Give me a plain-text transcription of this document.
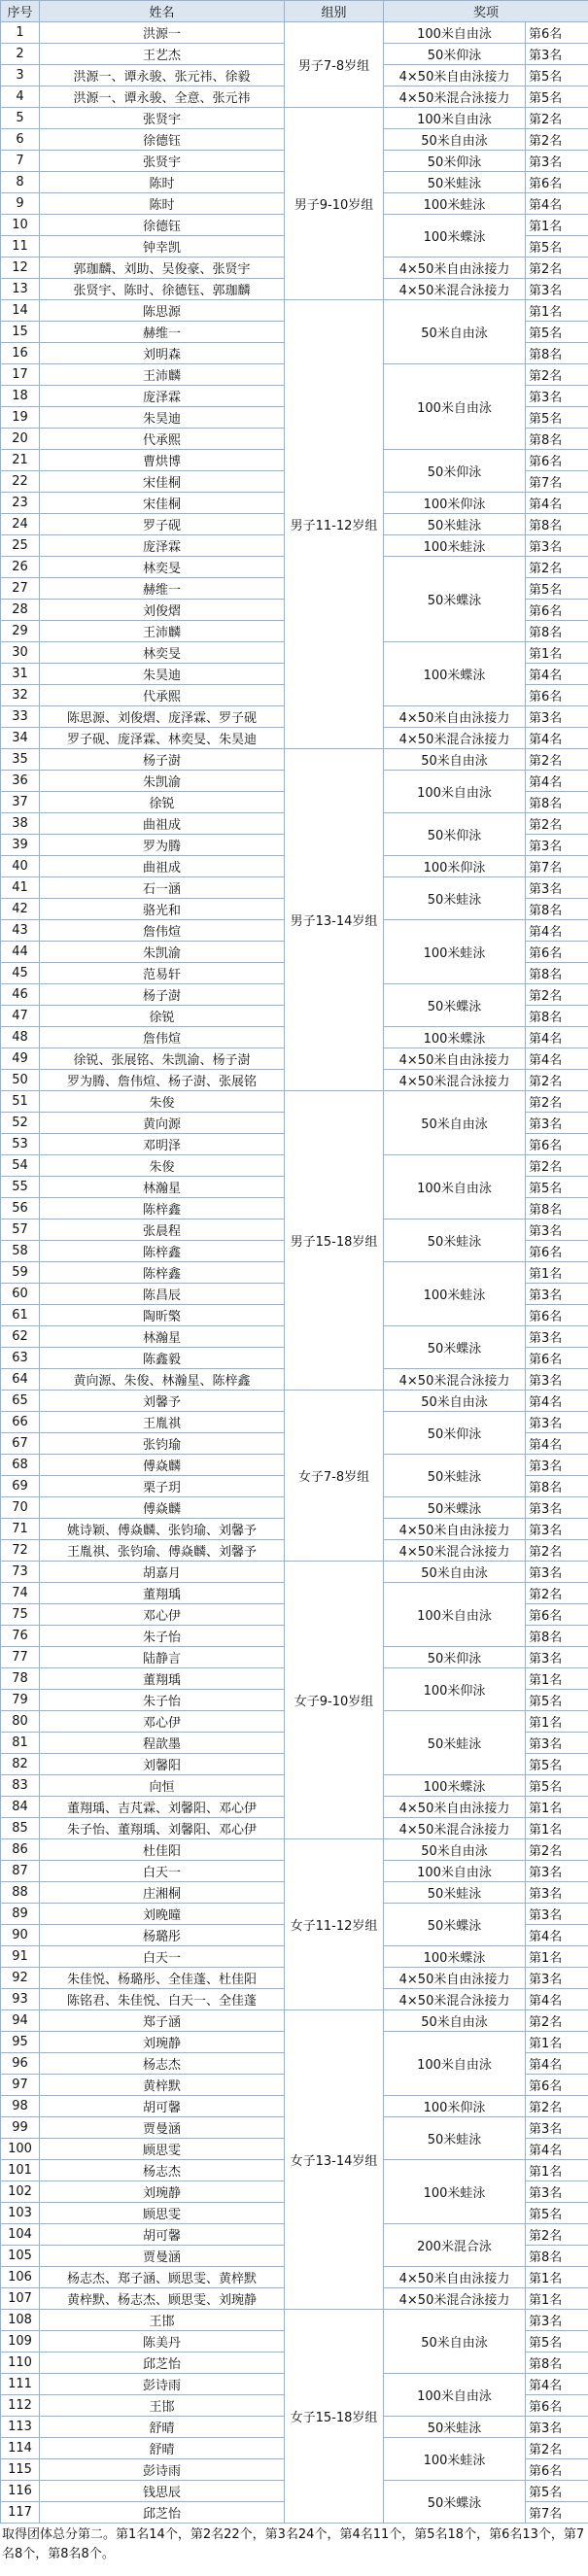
序号	姓名	组别	奖项	
1	洪源一	男子7-8岁组	100米自由泳	第6名
2	王艺杰		50米仰泳	第3名
3	洪源一、谭永骏、张元祎、徐毅		4×50米自由泳接力	第5名
4	洪源一、谭永骏、全意、张元祎		4×50米混合泳接力	第5名
5	张贤宇	男子9-10岁组	100米自由泳	第2名
6	徐德钰		50米自由泳	第2名
7	张贤宇		50米仰泳	第3名
8	陈时		50米蛙泳	第6名
9	陈时		100米蛙泳	第4名
10	徐德钰		100米蝶泳	第1名
11	钟幸凯			第5名
12	郭珈麟、刘助、吴俊豪、张贤宇		4×50米自由泳接力	第2名
13	张贤宇、陈时、徐德钰、郭珈麟		4×50米混合泳接力	第3名
14	陈思源	男子11-12岁组	50米自由泳	第1名
15	赫维一			第5名
16	刘明森			第8名
17	王沛麟		100米自由泳	第2名
18	庞泽霖			第3名
19	朱昊迪			第5名
20	代承熙			第8名
21	曹烘博		50米仰泳	第6名
22	宋佳桐			第7名
23	宋佳桐		100米仰泳	第4名
24	罗子砚		50米蛙泳	第8名
25	庞泽霖		100米蛙泳	第3名
26	林奕旻		50米蝶泳	第2名
27	赫维一			第5名
28	刘俊熠			第6名
29	王沛麟			第8名
30	林奕旻		100米蝶泳	第1名
31	朱昊迪			第4名
32	代承熙			第6名
33	陈思源、刘俊熠、庞泽霖、罗子砚		4×50米自由泳接力	第3名
34	罗子砚、庞泽霖、林奕旻、朱昊迪		4×50米混合泳接力	第4名
35	杨子澍	男子13-14岁组	50米自由泳	第2名
36	朱凯渝		100米自由泳	第4名
37	徐锐			第8名
38	曲祖成		50米仰泳	第2名
39	罗为腾			第3名
40	曲祖成		100米仰泳	第7名
41	石一涵		50米蛙泳	第3名
42	骆光和			第8名
43	詹伟煊		100米蛙泳	第4名
44	朱凯渝			第6名
45	范易轩			第8名
46	杨子澍		50米蝶泳	第2名
47	徐锐			第8名
48	詹伟煊		100米蝶泳	第4名
49	徐锐、张展铭、朱凯渝、杨子澍		4×50米自由泳接力	第4名
50	罗为腾、詹伟煊、杨子澍、张展铭		4×50米混合泳接力	第2名
51	朱俊	男子15-18岁组	50米自由泳	第2名
52	黄向源			第3名
53	邓明泽			第6名
54	朱俊		100米自由泳	第2名
55	林瀚星			第5名
56	陈梓鑫			第8名
57	张晨程		50米蛙泳	第3名
58	陈梓鑫			第6名
59	陈梓鑫		100米蛙泳	第1名
60	陈昌辰			第3名
61	陶昕檠			第6名
62	林瀚星		50米蝶泳	第3名
63	陈鑫毅			第6名
64	黄向源、朱俊、林瀚星、陈梓鑫		4×50米混合泳接力	第3名
65	刘馨予	女子7-8岁组	50米自由泳	第4名
66	王胤祺		50米仰泳	第3名
67	张钧瑜			第4名
68	傅焱麟		50米蛙泳	第3名
69	栗子玥			第8名
70	傅焱麟		50米蝶泳	第3名
71	姚诗颖、傅焱麟、张钧瑜、刘馨予		4×50米自由泳接力	第3名
72	王胤祺、张钧瑜、傅焱麟、刘馨予		4×50米混合泳接力	第2名
73	胡嘉月	女子9-10岁组	50米自由泳	第3名
74	董翔瑀		100米自由泳	第2名
75	邓心伊			第6名
76	朱子怡			第8名
77	陆静言		50米仰泳	第3名
78	董翔瑀		100米仰泳	第1名
79	朱子怡			第5名
80	邓心伊		50米蛙泳	第1名
81	程歆墨			第3名
82	刘馨阳			第5名
83	向恒		100米蝶泳	第5名
84	董翔瑀、吉芃霖、刘馨阳、邓心伊		4×50米自由泳接力	第1名
85	朱子怡、董翔瑀、刘馨阳、邓心伊		4×50米混合泳接力	第1名
86	杜佳阳	女子11-12岁组	50米自由泳	第2名
87	白天一		100米自由泳	第3名
88	庄湘桐		50米蛙泳	第3名
89	刘晚曈		50米蝶泳	第3名
90	杨璐彤			第4名
91	白天一		100米蝶泳	第1名
92	朱佳悦、杨璐彤、全佳蓬、杜佳阳		4×50米自由泳接力	第3名
93	陈铭君、朱佳悦、白天一、全佳蓬		4×50米混合泳接力	第4名
94	郑子涵	女子13-14岁组	50米自由泳	第2名
95	刘琬静		100米自由泳	第1名
96	杨志杰			第4名
97	黄梓默			第6名
98	胡可馨		100米仰泳	第2名
99	贾曼涵		50米蛙泳	第3名
100	顾思雯			第4名
101	杨志杰		100米蛙泳	第1名
102	刘琬静			第3名
103	顾思雯			第5名
104	胡可馨		200米混合泳	第2名
105	贾曼涵			第8名
106	杨志杰、郑子涵、顾思雯、黄梓默		4×50米自由泳接力	第1名
107	黄梓默、杨志杰、顾思雯、刘琬静		4×50米混合泳接力	第1名
108	王邯	女子15-18岁组	50米自由泳	第3名
109	陈美丹			第5名
110	邱芝怡			第8名
111	彭诗雨		100米自由泳	第4名
112	王邯			第6名
113	舒晴		50米蛙泳	第3名
114	舒晴		100米蛙泳	第2名
115	彭诗雨			第6名
116	钱思辰		50米蝶泳	第5名
117	邱芝怡			第7名
取得团体总分第二。第1名14个，第2名22个，第3名24个，第4名11个，第5名18个，第6名13个，第7名8个，第8名8个。
